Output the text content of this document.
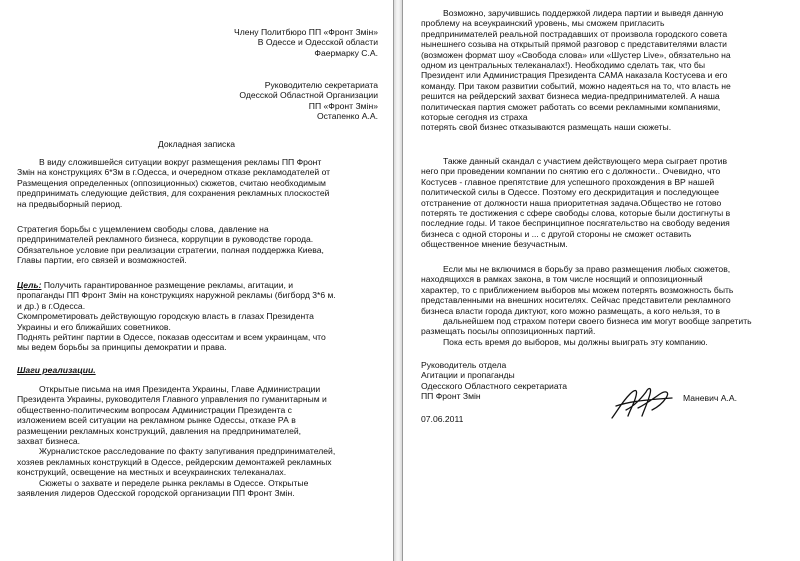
Члену Политбюро ПП «Фронт Змін»

В Одессе и Одесской области

Фаермарку С.А.

Руководителю секретариата

Одесской Областной Организации

ПП «Фронт Змін»

Остапенко А.А.

Докладная записка

В виду сложившейся ситуации вокруг размещения рекламы ПП Фронт

Змін на конструкциях 6*3м в г.Одесса, и очередном отказе рекламодателей от

Размещения определенных (оппозиционных) сюжетов, считаю необходимым

предпринимать следующие действия, для сохранения рекламных плоскостей

на предвыборный период.

Стратегия борьбы с ущемлением свободы слова, давление на

предпринимателей рекламного бизнеса, коррупции в руководстве города.

Обязательное условие при реализации стратегии, полная поддержка Киева,

Главы партии, его связей и возможностей.

Цель: Получить гарантированное размещение рекламы, агитации, и

пропаганды ПП Фронт Змін на конструкциях наружной рекламы (бигборд 3*6 м.

и др.) в г.Одесса.

Скомпрометировать действующую городскую власть в глазах Президента

Украины и его ближайших советников.

Поднять рейтинг партии в Одессе, показав одесситам и всем украинцам, что

мы ведем борьбы за принципы демократии и права.

Шаги реализации.

Открытые письма на имя Президента Украины, Главе Администрации

Президента Украины, руководителя Главного управления по гуманитарным и

общественно-политическим вопросам Администрации Президента с

изложением всей ситуации на рекламном рынке Одессы, отказе РА в

размещении рекламных конструкций, давления на предпринимателей,

захват бизнеса.

Журналистское расследование по факту запугивания предпринимателей,

хозяев рекламных конструкций в Одессе, рейдерским демонтажей рекламных

конструкций, освещение на местных и всеукраинских телеканалах.

Сюжеты о захвате и переделе рынка рекламы в Одессе. Открытые

заявления лидеров Одесской городской организации ПП Фронт Змін.

Возможно, заручившись поддержкой лидера партии и выведя данную

проблему на всеукраинский уровень, мы сможем пригласить

предпринимателей реальной пострадавших от произвола городского совета

нынешнего созыва на открытый прямой разговор с представителями власти

(возможен формат шоу «Свобода слова» или «Шустер Live», обязательно на

одном из центральных телеканалах!). Необходимо сделать так, что бы

Президент или Администрация Президента САМА наказала Костусева и его

команду. При таком развитии событий, можно надеяться на то, что власть не

решится на рейдерский захват бизнеса медиа-предпринимателей. А наша

политическая партия сможет работать со всеми рекламными компаниями,

которые сегодня из страха

потерять свой бизнес отказываются размещать наши сюжеты.

Также данный скандал с участием действующего мера сыграет против

него при проведении компании по снятию его с должности.. Очевидно, что

Костусев - главное препятствие для успешного прохождения в ВР нашей

политической силы в Одессе. Поэтому его дескридитация и последующее

отстранение от должности наша приоритетная задача.Общество не готово

потерять те достижения с сфере свободы слова, которые были достигнуты в

последние годы. И такое беспринципное посягательство на свободу ведения

бизнеса с одной стороны и ... с другой стороны не сможет оставить

общественное мнение безучастным.

Если мы не включимся в борьбу за право размещения любых сюжетов,

находящихся в рамках закона, в том числе носящий и оппозиционный

характер, то с приближением выборов мы можем потерять возможность быть

представленными на внешних носителях. Сейчас представители рекламного

бизнеса власти города диктуют, кого можно размещать, а кого нельзя, то в

дальнейшем под страхом потери своего бизнеса им могут вообще запретить

размещать посылы оппозиционных партий.

Пока есть время до выборов, мы должны выиграть эту компанию.

Руководитель отдела

Агитации и пропаганды

Одесского Областного секретариата

ПП Фронт Змін	Маневич А.А.

07.06.2011
